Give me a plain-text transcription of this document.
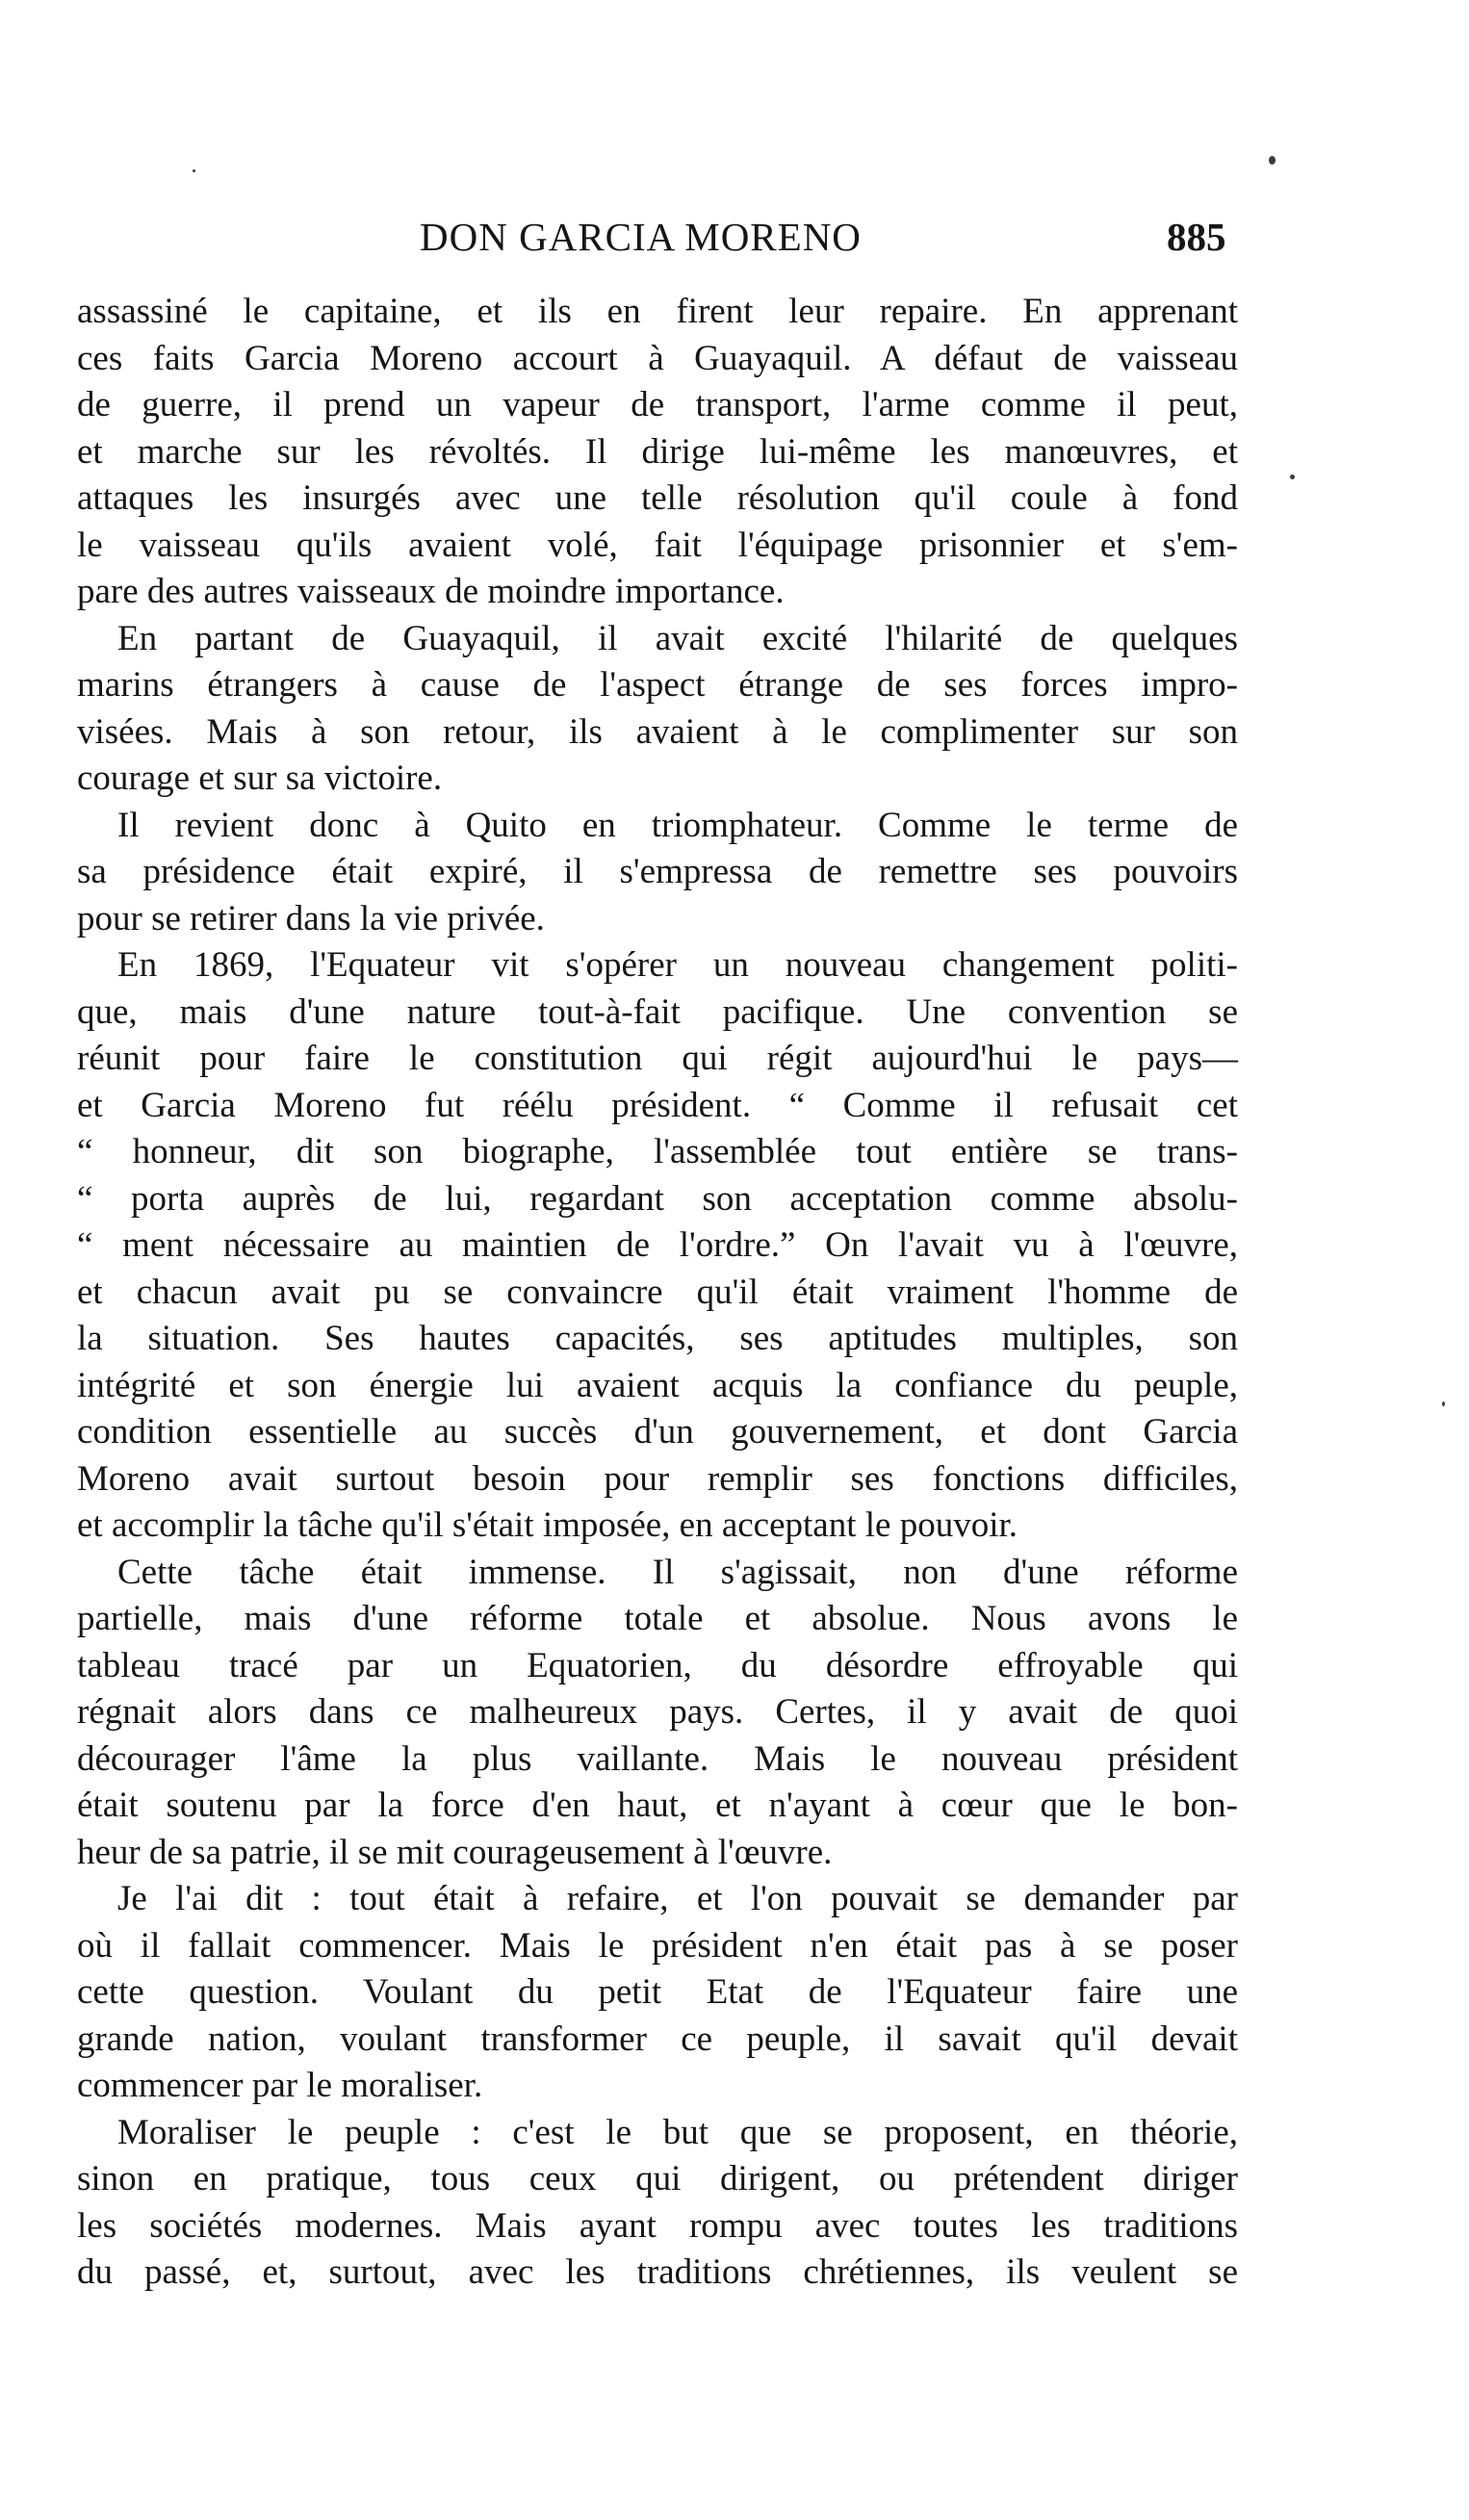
DON GARCIA MORENO	885
assassiné le capitaine, et ils en firent leur repaire. En apprenant
ces faits Garcia Moreno accourt à Guayaquil. A défaut de vaisseau
de guerre, il prend un vapeur de transport, l'arme comme il peut,
et marche sur les révoltés. Il dirige lui-même les manœuvres, et
attaques les insurgés avec une telle résolution qu'il coule à fond
le vaisseau qu'ils avaient volé, fait l'équipage prisonnier et s'em-
pare des autres vaisseaux de moindre importance.
En partant de Guayaquil, il avait excité l'hilarité de quelques
marins étrangers à cause de l'aspect étrange de ses forces impro-
visées. Mais à son retour, ils avaient à le complimenter sur son
courage et sur sa victoire.
Il revient donc à Quito en triomphateur. Comme le terme de
sa présidence était expiré, il s'empressa de remettre ses pouvoirs
pour se retirer dans la vie privée.
En 1869, l'Equateur vit s'opérer un nouveau changement politi-
que, mais d'une nature tout-à-fait pacifique. Une convention se
réunit pour faire le constitution qui régit aujourd'hui le pays—
et Garcia Moreno fut réélu président. “ Comme il refusait cet
“ honneur, dit son biographe, l'assemblée tout entière se trans-
“ porta auprès de lui, regardant son acceptation comme absolu-
“ ment nécessaire au maintien de l'ordre.” On l'avait vu à l'œuvre,
et chacun avait pu se convaincre qu'il était vraiment l'homme de
la situation. Ses hautes capacités, ses aptitudes multiples, son
intégrité et son énergie lui avaient acquis la confiance du peuple,
condition essentielle au succès d'un gouvernement, et dont Garcia
Moreno avait surtout besoin pour remplir ses fonctions difficiles,
et accomplir la tâche qu'il s'était imposée, en acceptant le pouvoir.
Cette tâche était immense. Il s'agissait, non d'une réforme
partielle, mais d'une réforme totale et absolue. Nous avons le
tableau tracé par un Equatorien, du désordre effroyable qui
régnait alors dans ce malheureux pays. Certes, il y avait de quoi
décourager l'âme la plus vaillante. Mais le nouveau président
était soutenu par la force d'en haut, et n'ayant à cœur que le bon-
heur de sa patrie, il se mit courageusement à l'œuvre.
Je l'ai dit : tout était à refaire, et l'on pouvait se demander par
où il fallait commencer. Mais le président n'en était pas à se poser
cette question. Voulant du petit Etat de l'Equateur faire une
grande nation, voulant transformer ce peuple, il savait qu'il devait
commencer par le moraliser.
Moraliser le peuple : c'est le but que se proposent, en théorie,
sinon en pratique, tous ceux qui dirigent, ou prétendent diriger
les sociétés modernes. Mais ayant rompu avec toutes les traditions
du passé, et, surtout, avec les traditions chrétiennes, ils veulent se
